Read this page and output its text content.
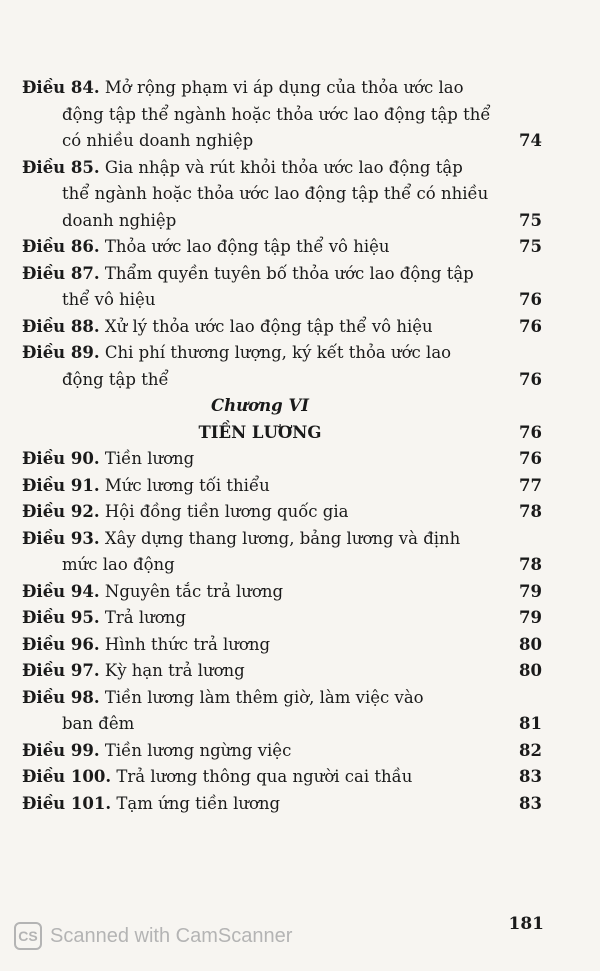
Điều 84. Mở rộng phạm vi áp dụng của thỏa ước lao
động tập thể ngành hoặc thỏa ước lao động tập thể
có nhiều doanh nghiệp	74
Điều 85. Gia nhập và rút khỏi thỏa ước lao động tập
thể ngành hoặc thỏa ước lao động tập thể có nhiều
doanh nghiệp	75
Điều 86. Thỏa ước lao động tập thể vô hiệu	75
Điều 87. Thẩm quyền tuyên bố thỏa ước lao động tập
thể vô hiệu	76
Điều 88. Xử lý thỏa ước lao động tập thể vô hiệu	76
Điều 89. Chi phí thương lượng, ký kết thỏa ước lao
động tập thể	76
Chương VI
TIỀN LƯƠNG	76
Điều 90. Tiền lương	76
Điều 91. Mức lương tối thiểu	77
Điều 92. Hội đồng tiền lương quốc gia	78
Điều 93. Xây dựng thang lương, bảng lương và định
mức lao động	78
Điều 94. Nguyên tắc trả lương	79
Điều 95. Trả lương	79
Điều 96. Hình thức trả lương	80
Điều 97. Kỳ hạn trả lương	80
Điều 98. Tiền lương làm thêm giờ, làm việc vào
ban đêm	81
Điều 99. Tiền lương ngừng việc	82
Điều 100. Trả lương thông qua người cai thầu	83
Điều 101. Tạm ứng tiền lương	83
181
CS Scanned with CamScanner
